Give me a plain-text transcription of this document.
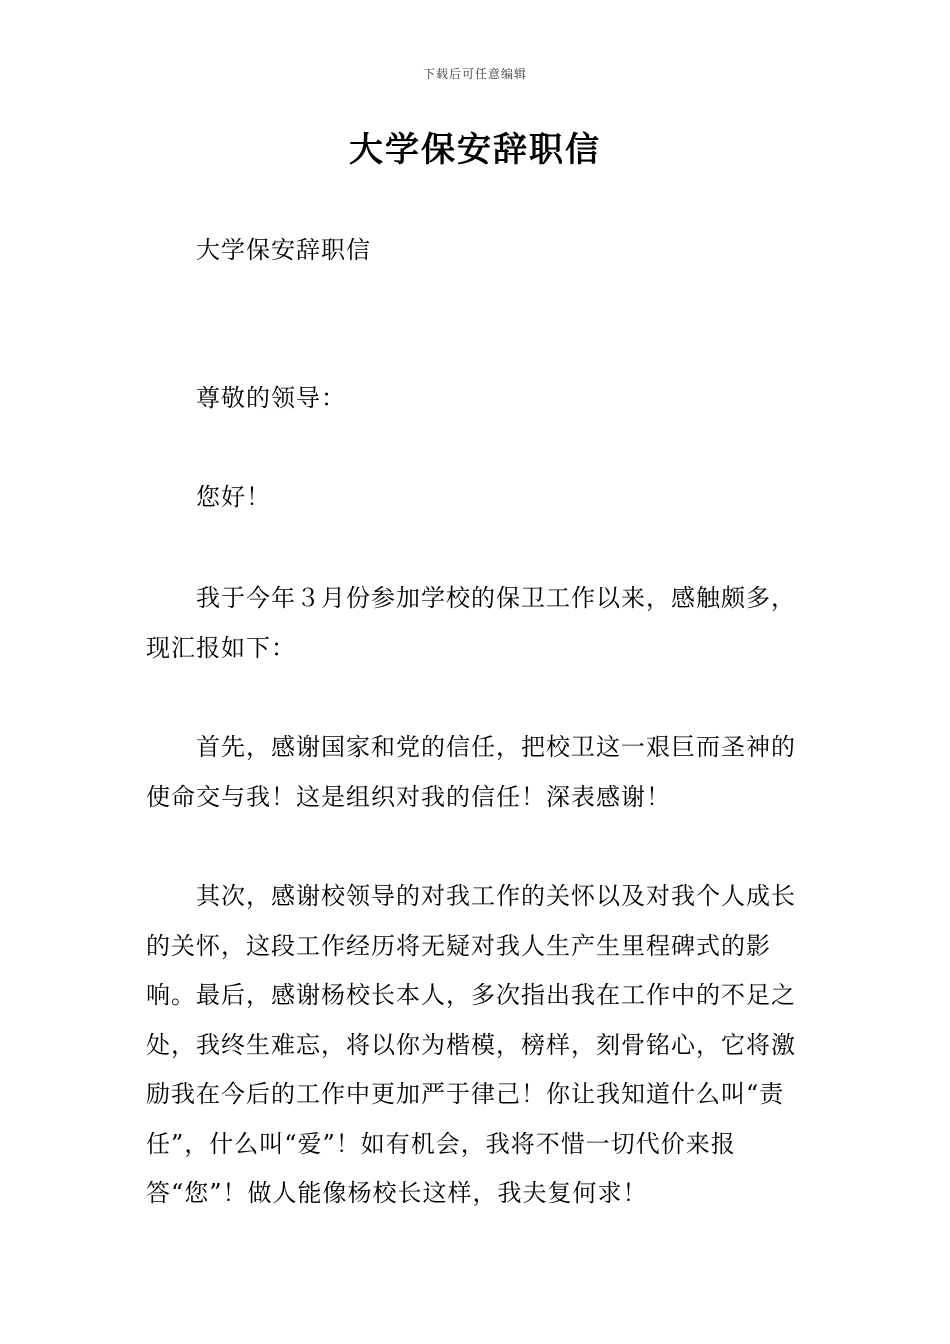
下载后可任意编辑
大学保安辞职信

大学保安辞职信

尊敬的领导：

您好！

我于今年３月份参加学校的保卫工作以来，感触颇多，现汇报如下：

首先，感谢国家和党的信任，把校卫这一艰巨而圣神的使命交与我！这是组织对我的信任！深表感谢！

其次，感谢校领导的对我工作的关怀以及对我个人成长的关怀，这段工作经历将无疑对我人生产生里程碑式的影响。最后，感谢杨校长本人，多次指出我在工作中的不足之处，我终生难忘，将以你为楷模，榜样，刻骨铭心，它将激励我在今后的工作中更加严于律己！你让我知道什么叫“责任”，什么叫“爱”！如有机会，我将不惜一切代价来报答“您”！做人能像杨校长这样，我夫复何求！
